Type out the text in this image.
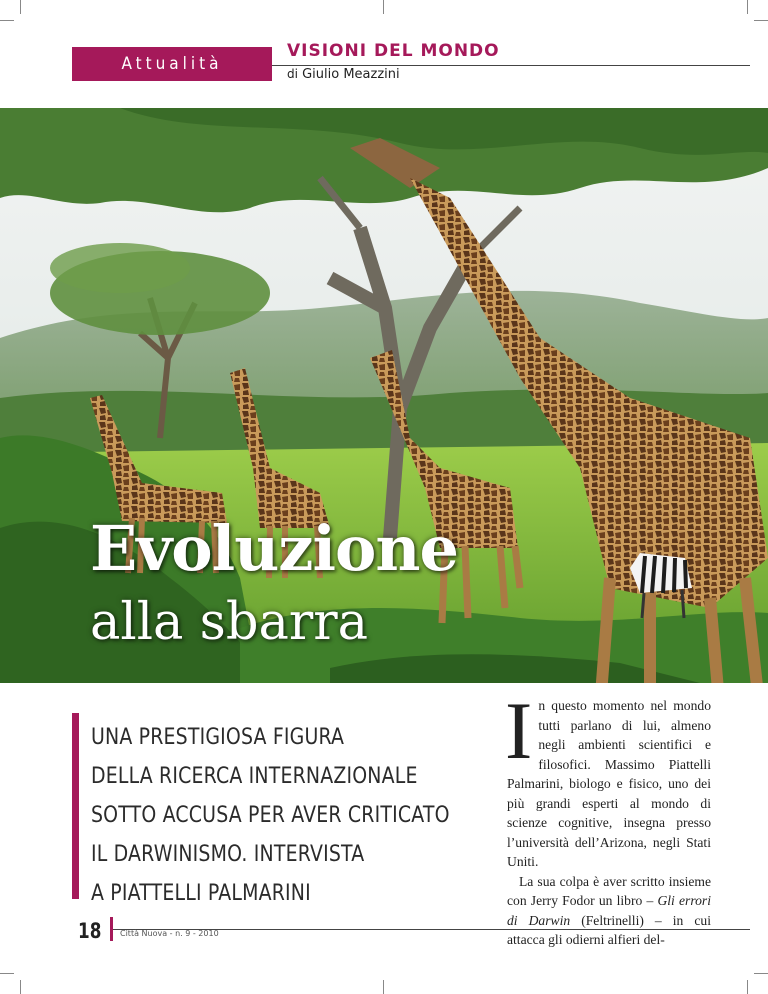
Attualità
VISIONI DEL MONDO
di Giulio Meazzini
Evoluzione
alla sbarra
UNA PRESTIGIOSA FIGURA
DELLA RICERCA INTERNAZIONALE
SOTTO ACCUSA PER AVER CRITICATO
IL DARWINISMO. INTERVISTA
A PIATTELLI PALMARINI

In questo momento nel mondo tutti parlano di lui, almeno negli ambienti scientifici e filosofici. Massimo Piattelli Palmarini, biologo e fisico, uno dei più grandi esperti al mondo di scienze cognitive, insegna presso l’università dell’Arizona, negli Stati Uniti.

La sua colpa è aver scritto insieme con Jerry Fodor un libro – Gli errori di Darwin (Feltrinelli) – in cui attacca gli odierni alfieri del-

18 Città Nuova - n. 9 - 2010
